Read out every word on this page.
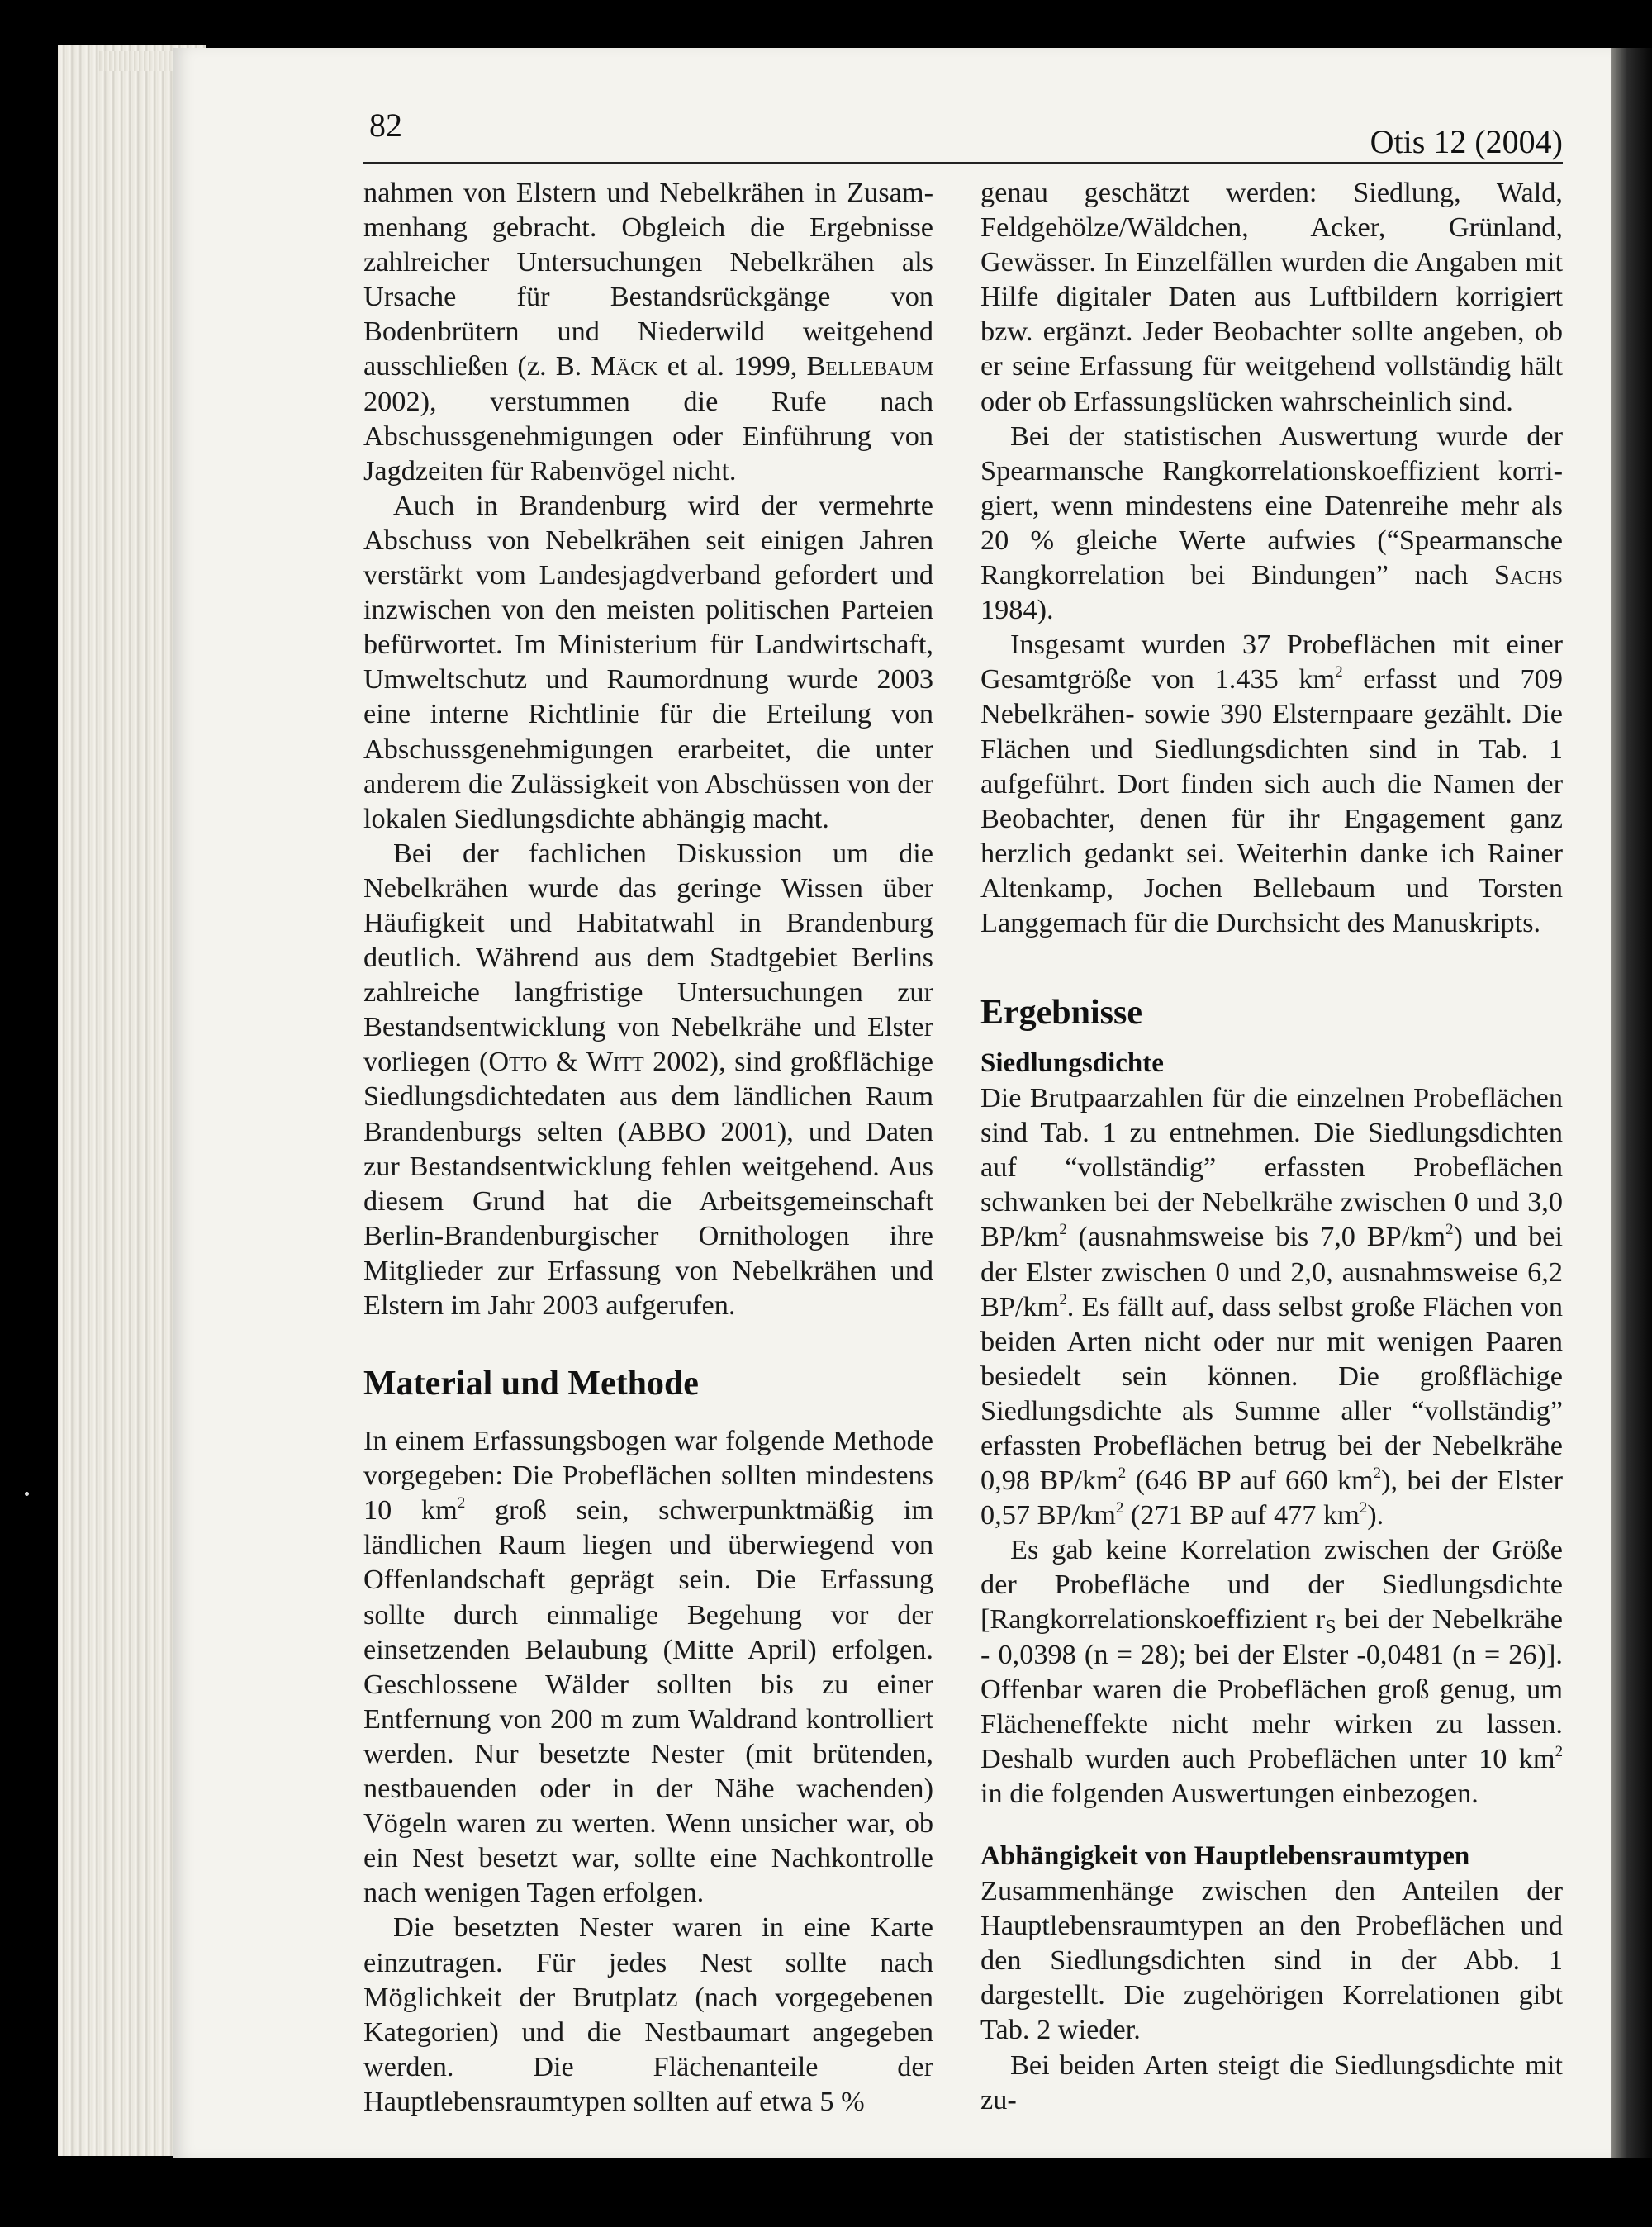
82	Otis 12 (2004)

nahmen von Elstern und Nebelkrähen in Zusammenhang gebracht. Obgleich die Ergebnisse zahlreicher Untersuchungen Nebelkrähen als Ursache für Bestandsrückgänge von Bodenbrütern und Niederwild weitgehend ausschließen (z. B. Mäck et al. 1999, Bellebaum 2002), verstummen die Rufe nach Abschussgenehmigungen oder Einführung von Jagdzeiten für Rabenvögel nicht.

Auch in Brandenburg wird der vermehrte Abschuss von Nebelkrähen seit einigen Jahren verstärkt vom Landesjagdverband gefordert und inzwischen von den meisten politischen Parteien befürwortet. Im Ministerium für Landwirtschaft, Umweltschutz und Raumordnung wurde 2003 eine interne Richtlinie für die Erteilung von Abschussgenehmigungen erarbeitet, die unter anderem die Zulässigkeit von Abschüssen von der lokalen Siedlungsdichte abhängig macht.

Bei der fachlichen Diskussion um die Nebelkrähen wurde das geringe Wissen über Häufigkeit und Habitatwahl in Brandenburg deutlich. Während aus dem Stadtgebiet Berlins zahlreiche langfristige Untersuchungen zur Bestandsentwicklung von Nebelkrähe und Elster vorliegen (Otto & Witt 2002), sind großflächige Siedlungsdichtedaten aus dem ländlichen Raum Brandenburgs selten (ABBO 2001), und Daten zur Bestandsentwicklung fehlen weitgehend. Aus diesem Grund hat die Arbeitsgemeinschaft Berlin-Brandenburgischer Ornithologen ihre Mitglieder zur Erfassung von Nebelkrähen und Elstern im Jahr 2003 aufgerufen.

Material und Methode

In einem Erfassungsbogen war folgende Methode vorgegeben: Die Probeflächen sollten mindestens 10 $km^2$ groß sein, schwerpunktmäßig im ländlichen Raum liegen und überwiegend von Offenlandschaft geprägt sein. Die Erfassung sollte durch einmalige Begehung vor der einsetzenden Belaubung (Mitte April) erfolgen. Geschlossene Wälder sollten bis zu einer Entfernung von 200 m zum Waldrand kontrolliert werden. Nur besetzte Nester (mit brütenden, nestbauenden oder in der Nähe wachenden) Vögeln waren zu werten. Wenn unsicher war, ob ein Nest besetzt war, sollte eine Nachkontrolle nach wenigen Tagen erfolgen.

Die besetzten Nester waren in eine Karte einzutragen. Für jedes Nest sollte nach Möglichkeit der Brutplatz (nach vorgegebenen Kategorien) und die Nestbaumart angegeben werden. Die Flächenanteile der Hauptlebensraumtypen sollten auf etwa 5 %

genau geschätzt werden: Siedlung, Wald, Feldgehölze/Wäldchen, Acker, Grünland, Gewässer. In Einzelfällen wurden die Angaben mit Hilfe digitaler Daten aus Luftbildern korrigiert bzw. ergänzt. Jeder Beobachter sollte angeben, ob er seine Erfassung für weitgehend vollständig hält oder ob Erfassungslücken wahrscheinlich sind.

Bei der statistischen Auswertung wurde der Spearmansche Rangkorrelationskoeffizient korrigiert, wenn mindestens eine Datenreihe mehr als 20 % gleiche Werte aufwies (“Spearmansche Rangkorrelation bei Bindungen” nach Sachs 1984).

Insgesamt wurden 37 Probeflächen mit einer Gesamtgröße von 1.435 $km^2$ erfasst und 709 Nebelkrähen- sowie 390 Elsternpaare gezählt. Die Flächen und Siedlungsdichten sind in Tab. 1 aufgeführt. Dort finden sich auch die Namen der Beobachter, denen für ihr Engagement ganz herzlich gedankt sei. Weiterhin danke ich Rainer Altenkamp, Jochen Bellebaum und Torsten Langgemach für die Durchsicht des Manuskripts.

Ergebnisse
Siedlungsdichte

Die Brutpaarzahlen für die einzelnen Probeflächen sind Tab. 1 zu entnehmen. Die Siedlungsdichten auf “vollständig” erfassten Probeflächen schwanken bei der Nebelkrähe zwischen 0 und 3,0 $BP/km^2$ (ausnahmsweise bis 7,0 $BP/km^2$) und bei der Elster zwischen 0 und 2,0, ausnahmsweise 6,2 $BP/km^2$. Es fällt auf, dass selbst große Flächen von beiden Arten nicht oder nur mit wenigen Paaren besiedelt sein können. Die großflächige Siedlungsdichte als Summe aller “vollständig” erfassten Probeflächen betrug bei der Nebelkrähe 0,98 $BP/km^2$ (646 BP auf 660 $km^2$), bei der Elster 0,57 $BP/km^2$ (271 BP auf 477 $km^2$).

Es gab keine Korrelation zwischen der Größe der Probefläche und der Siedlungsdichte [Rangkorrelationskoeffizient $r_S$ bei der Nebelkrähe - 0,0398 (n = 28); bei der Elster -0,0481 (n = 26)]. Offenbar waren die Probeflächen groß genug, um Flächeneffekte nicht mehr wirken zu lassen. Deshalb wurden auch Probeflächen unter 10 $km^2$ in die folgenden Auswertungen einbezogen.

Abhängigkeit von Hauptlebensraumtypen

Zusammenhänge zwischen den Anteilen der Hauptlebensraumtypen an den Probeflächen und den Siedlungsdichten sind in der Abb. 1 dargestellt. Die zugehörigen Korrelationen gibt Tab. 2 wieder.

Bei beiden Arten steigt die Siedlungsdichte mit zu-
